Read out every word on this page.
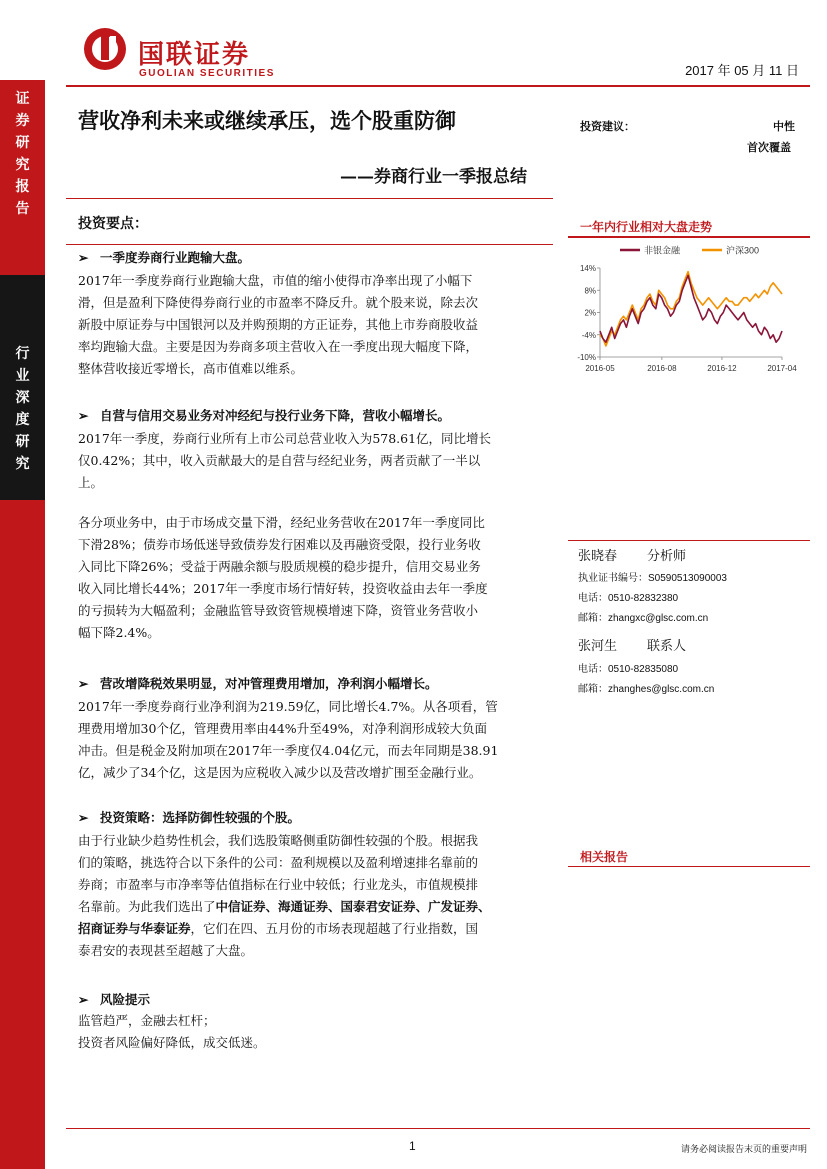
证
券
研
究
报
告
行
业
深
度
研
究
国联证券
GUOLIAN SECURITIES	2017 年 05 月 11 日
营收净利未来或继续承压，选个股重防御
——券商行业一季报总结
投资要点：
投资建议：	中性
首次覆盖
一年内行业相对大盘走势
非银金融	沪深300
14%
8%
2%
-4%
-10%
2016-05	2016-08	2016-12	2017-04
张晓春 分析师
执业证书编号：S0590513090003
电话：0510-82832380
邮箱：zhangxc@glsc.com.cn
张河生 联系人
电话：0510-82835080
邮箱：zhanghes@glsc.com.cn
相关报告
➢ 一季度券商行业跑输大盘。
2017年一季度券商行业跑输大盘，市值的缩小使得市净率出现了小幅下
滑，但是盈利下降使得券商行业的市盈率不降反升。就个股来说，除去次
新股中原证券与中国银河以及并购预期的方正证券，其他上市券商股收益
率均跑输大盘。主要是因为券商多项主营收入在一季度出现大幅度下降，
整体营收接近零增长，高市值难以维系。
➢ 自营与信用交易业务对冲经纪与投行业务下降，营收小幅增长。
2017年一季度，券商行业所有上市公司总营业收入为578.61亿，同比增长
仅0.42%；其中，收入贡献最大的是自营与经纪业务，两者贡献了一半以
上。
各分项业务中，由于市场成交量下滑，经纪业务营收在2017年一季度同比
下滑28%；债券市场低迷导致债券发行困难以及再融资受限，投行业务收
入同比下降26%；受益于两融余额与股质规模的稳步提升，信用交易业务
收入同比增长44%；2017年一季度市场行情好转，投资收益由去年一季度
的亏损转为大幅盈利；金融监管导致资管规模增速下降，资管业务营收小
幅下降2.4%。
➢ 营改增降税效果明显，对冲管理费用增加，净利润小幅增长。
2017年一季度券商行业净利润为219.59亿，同比增长4.7%。从各项看，管
理费用增加30个亿，管理费用率由44%升至49%，对净利润形成较大负面
冲击。但是税金及附加项在2017年一季度仅4.04亿元，而去年同期是38.91
亿，减少了34个亿，这是因为应税收入减少以及营改增扩围至金融行业。
➢ 投资策略：选择防御性较强的个股。
由于行业缺少趋势性机会，我们选股策略侧重防御性较强的个股。根据我
们的策略，挑选符合以下条件的公司：盈利规模以及盈利增速排名靠前的
券商；市盈率与市净率等估值指标在行业中较低；行业龙头，市值规模排
名靠前。为此我们选出了中信证券、海通证券、国泰君安证券、广发证券、
招商证券与华泰证券，它们在四、五月份的市场表现超越了行业指数，国
泰君安的表现甚至超越了大盘。
➢ 风险提示
监管趋严，金融去杠杆；
投资者风险偏好降低，成交低迷。
1	请务必阅读报告末页的重要声明
